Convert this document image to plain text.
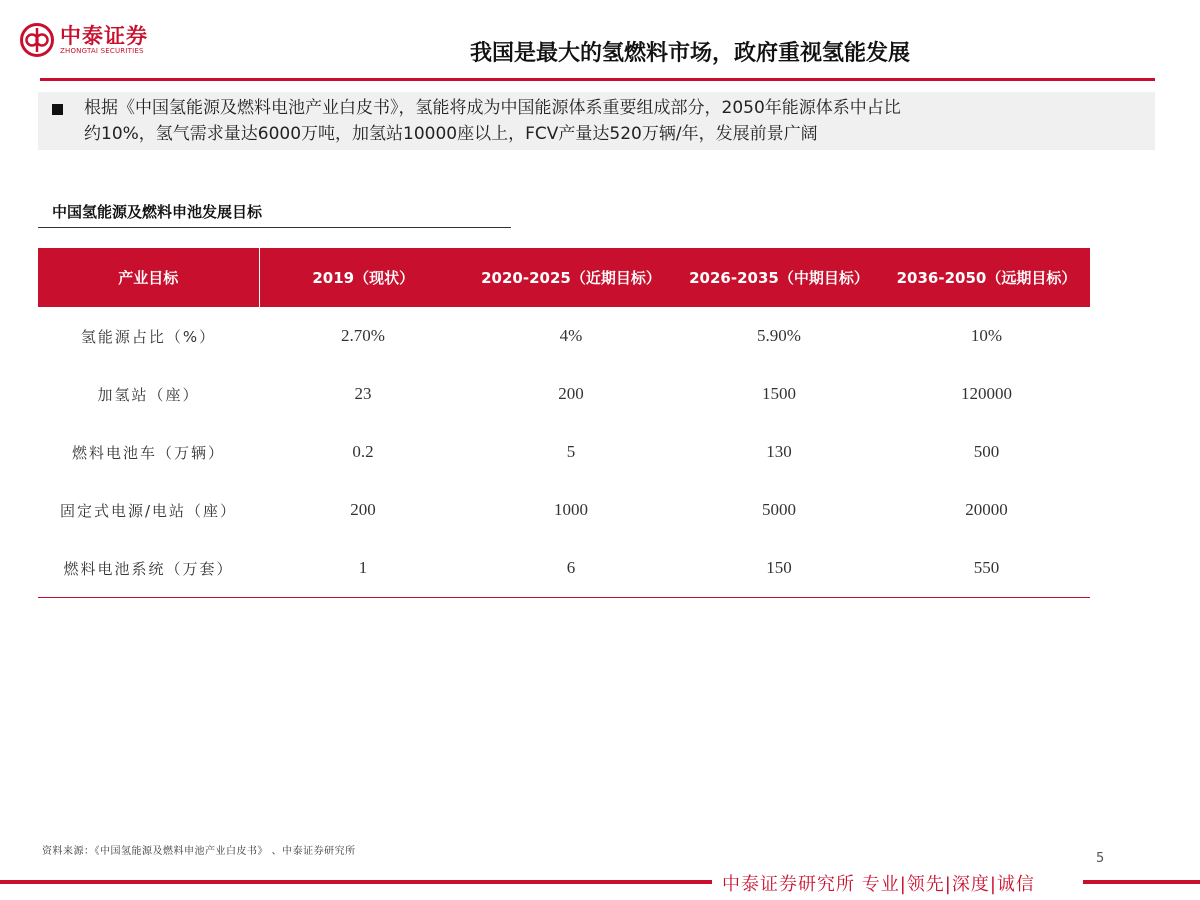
中泰证券
ZHONGTAI SECURITIES	我国是最大的氢燃料市场，政府重视氢能发展
根据《中国氢能源及燃料电池产业白皮书》，氢能将成为中国能源体系重要组成部分，2050年能源体系中占比
约10%，氢气需求量达6000万吨，加氢站10000座以上，FCV产量达520万辆/年，发展前景广阔
中国氢能源及燃料申池发展目标
产业目标	2019（现状）	2020-2025（近期目标）	2026-2035（中期目标）	2036-2050（远期目标）
氢能源占比（%）	2.70%	4%	5.90%	10%
加氢站（座）	23	200	1500	120000
燃料电池车（万辆）	0.2	5	130	500
固定式电源/电站（座）	200	1000	5000	20000
燃料电池系统（万套）	1	6	150	550
资料来源：《中国氢能源及燃料申池产业白皮书》 、中泰证券研究所	5
中泰证券研究所 专业|领先|深度|诚信
